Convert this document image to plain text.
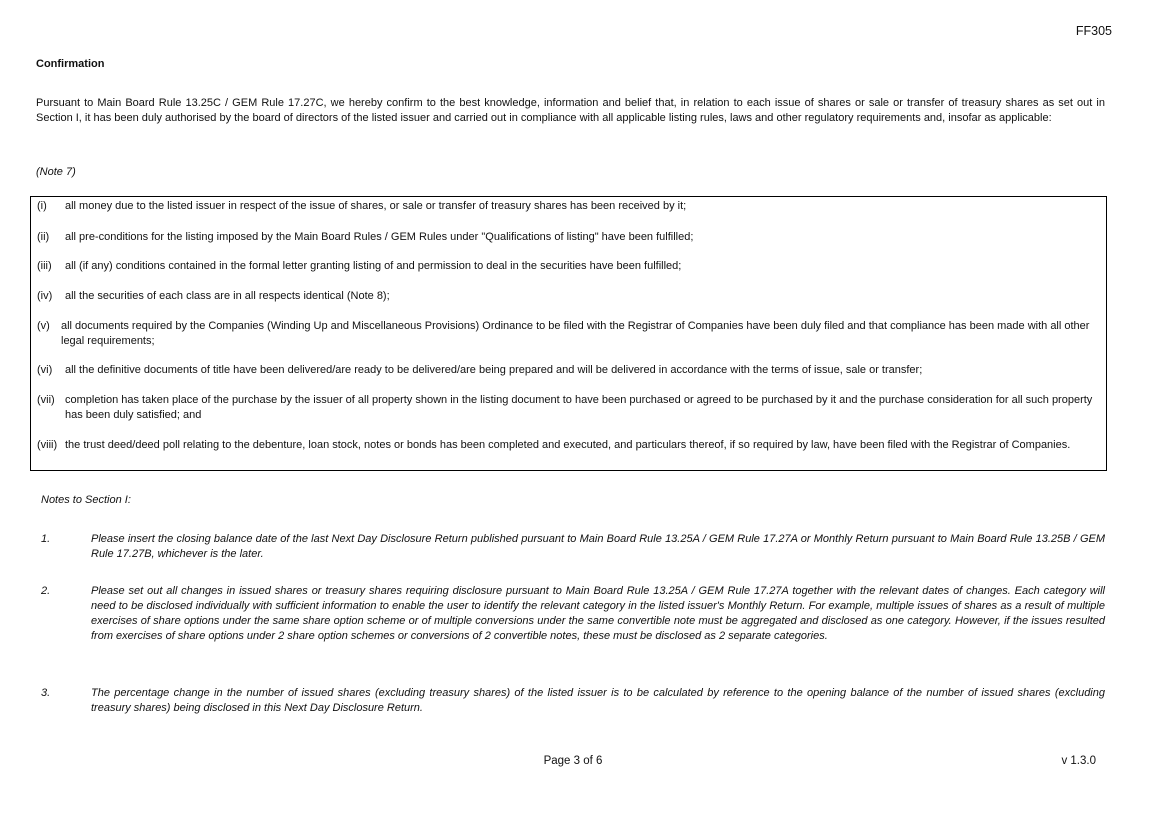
FF305
Confirmation
Pursuant to Main Board Rule 13.25C / GEM Rule 17.27C, we hereby confirm to the best knowledge, information and belief that, in relation to each issue of shares or sale or transfer of treasury shares as set out in Section I, it has been duly authorised by the board of directors of the listed issuer and carried out in compliance with all applicable listing rules, laws and other regulatory requirements and, insofar as applicable:
(Note 7)
(i) all money due to the listed issuer in respect of the issue of shares, or sale or transfer of treasury shares has been received by it;
(ii) all pre-conditions for the listing imposed by the Main Board Rules / GEM Rules under "Qualifications of listing" have been fulfilled;
(iii) all (if any) conditions contained in the formal letter granting listing of and permission to deal in the securities have been fulfilled;
(iv) all the securities of each class are in all respects identical (Note 8);
(v) all documents required by the Companies (Winding Up and Miscellaneous Provisions) Ordinance to be filed with the Registrar of Companies have been duly filed and that compliance has been made with all other legal requirements;
(vi) all the definitive documents of title have been delivered/are ready to be delivered/are being prepared and will be delivered in accordance with the terms of issue, sale or transfer;
(vii) completion has taken place of the purchase by the issuer of all property shown in the listing document to have been purchased or agreed to be purchased by it and the purchase consideration for all such property has been duly satisfied; and
(viii) the trust deed/deed poll relating to the debenture, loan stock, notes or bonds has been completed and executed, and particulars thereof, if so required by law, have been filed with the Registrar of Companies.
Notes to Section I:
1.	Please insert the closing balance date of the last Next Day Disclosure Return published pursuant to Main Board Rule 13.25A / GEM Rule 17.27A or Monthly Return pursuant to Main Board Rule 13.25B / GEM Rule 17.27B, whichever is the later.
2.	Please set out all changes in issued shares or treasury shares requiring disclosure pursuant to Main Board Rule 13.25A / GEM Rule 17.27A together with the relevant dates of changes. Each category will need to be disclosed individually with sufficient information to enable the user to identify the relevant category in the listed issuer's Monthly Return. For example, multiple issues of shares as a result of multiple exercises of share options under the same share option scheme or of multiple conversions under the same convertible note must be aggregated and disclosed as one category. However, if the issues resulted from exercises of share options under 2 share option schemes or conversions of 2 convertible notes, these must be disclosed as 2 separate categories.
3.	The percentage change in the number of issued shares (excluding treasury shares) of the listed issuer is to be calculated by reference to the opening balance of the number of issued shares (excluding treasury shares) being disclosed in this Next Day Disclosure Return.
Page 3 of 6	v 1.3.0
